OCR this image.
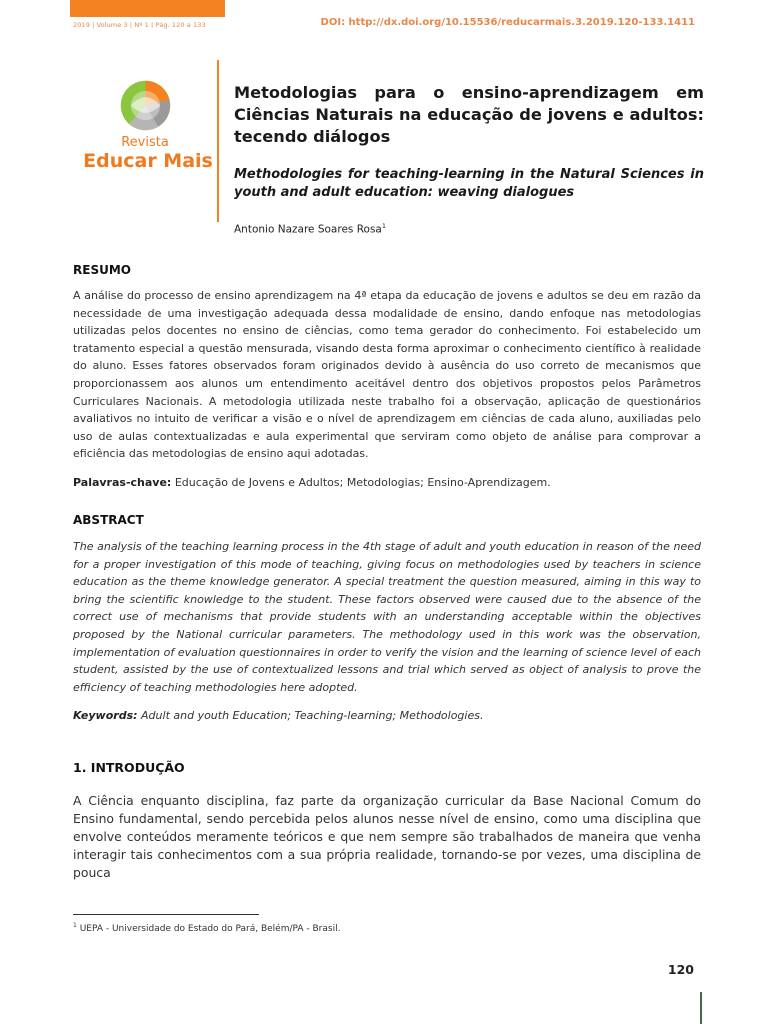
2019 | Volume 3 | Nº 1 | Pág. 120 a 133	DOI: http://dx.doi.org/10.15536/reducarmais.3.2019.120-133.1411
Revista
Educar Mais
Metodologias para o ensino-aprendizagem em Ciências Naturais na educação de jovens e adultos: tecendo diálogos
Methodologies for teaching-learning in the Natural Sciences in youth and adult education: weaving dialogues
Antonio Nazare Soares Rosa$^1$
RESUMO
A análise do processo de ensino aprendizagem na 4ª etapa da educação de jovens e adultos se deu em razão da necessidade de uma investigação adequada dessa modalidade de ensino, dando enfoque nas metodologias utilizadas pelos docentes no ensino de ciências, como tema gerador do conhecimento. Foi estabelecido um tratamento especial a questão mensurada, visando desta forma aproximar o conhecimento científico à realidade do aluno. Esses fatores observados foram originados devido à ausência do uso correto de mecanismos que proporcionassem aos alunos um entendimento aceitável dentro dos objetivos propostos pelos Parâmetros Curriculares Nacionais. A metodologia utilizada neste trabalho foi a observação, aplicação de questionários avaliativos no intuito de verificar a visão e o nível de aprendizagem em ciências de cada aluno, auxiliadas pelo uso de aulas contextualizadas e aula experimental que serviram como objeto de análise para comprovar a eficiência das metodologias de ensino aqui adotadas.
Palavras-chave: Educação de Jovens e Adultos; Metodologias; Ensino-Aprendizagem.
ABSTRACT
The analysis of the teaching learning process in the 4th stage of adult and youth education in reason of the need for a proper investigation of this mode of teaching, giving focus on methodologies used by teachers in science education as the theme knowledge generator. A special treatment the question measured, aiming in this way to bring the scientific knowledge to the student. These factors observed were caused due to the absence of the correct use of mechanisms that provide students with an understanding acceptable within the objectives proposed by the National curricular parameters. The methodology used in this work was the observation, implementation of evaluation questionnaires in order to verify the vision and the learning of science level of each student, assisted by the use of contextualized lessons and trial which served as object of analysis to prove the efficiency of teaching methodologies here adopted.
Keywords: Adult and youth Education; Teaching-learning; Methodologies.
1. INTRODUÇÃO
A Ciência enquanto disciplina, faz parte da organização curricular da Base Nacional Comum do Ensino fundamental, sendo percebida pelos alunos nesse nível de ensino, como uma disciplina que envolve conteúdos meramente teóricos e que nem sempre são trabalhados de maneira que venha interagir tais conhecimentos com a sua própria realidade, tornando-se por vezes, uma disciplina de pouca
$^1$ UEPA - Universidade do Estado do Pará, Belém/PA - Brasil.
120
